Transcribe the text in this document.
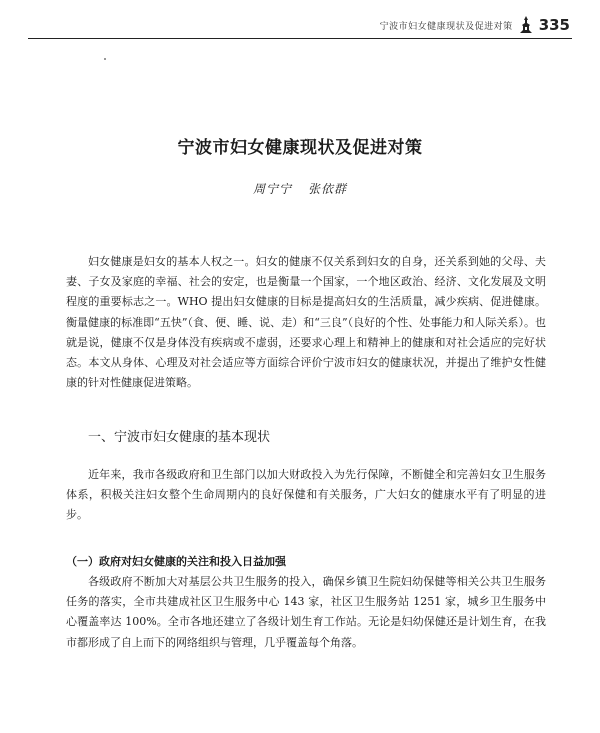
宁波市妇女健康现状及促进对策 335
宁波市妇女健康现状及促进对策
周宁宁 张依群

妇女健康是妇女的基本人权之一。妇女的健康不仅关系到妇女的自身，还关系到她的父母、夫妻、子女及家庭的幸福、社会的安定，也是衡量一个国家，一个地区政治、经济、文化发展及文明程度的重要标志之一。WHO 提出妇女健康的目标是提高妇女的生活质量，减少疾病、促进健康。衡量健康的标准即“五快”（食、便、睡、说、走）和“三良”（良好的个性、处事能力和人际关系）。也就是说，健康不仅是身体没有疾病或不虚弱，还要求心理上和精神上的健康和对社会适应的完好状态。本文从身体、心理及对社会适应等方面综合评价宁波市妇女的健康状况，并提出了维护女性健康的针对性健康促进策略。

一、宁波市妇女健康的基本现状

近年来，我市各级政府和卫生部门以加大财政投入为先行保障，不断健全和完善妇女卫生服务体系，积极关注妇女整个生命周期内的良好保健和有关服务，广大妇女的健康水平有了明显的进步。

（一）政府对妇女健康的关注和投入日益加强

各级政府不断加大对基层公共卫生服务的投入，确保乡镇卫生院妇幼保健等相关公共卫生服务任务的落实，全市共建成社区卫生服务中心 143 家，社区卫生服务站 1251 家，城乡卫生服务中心覆盖率达 100%。全市各地还建立了各级计划生育工作站。无论是妇幼保健还是计划生育，在我市都形成了自上而下的网络组织与管理，几乎覆盖每个角落。
